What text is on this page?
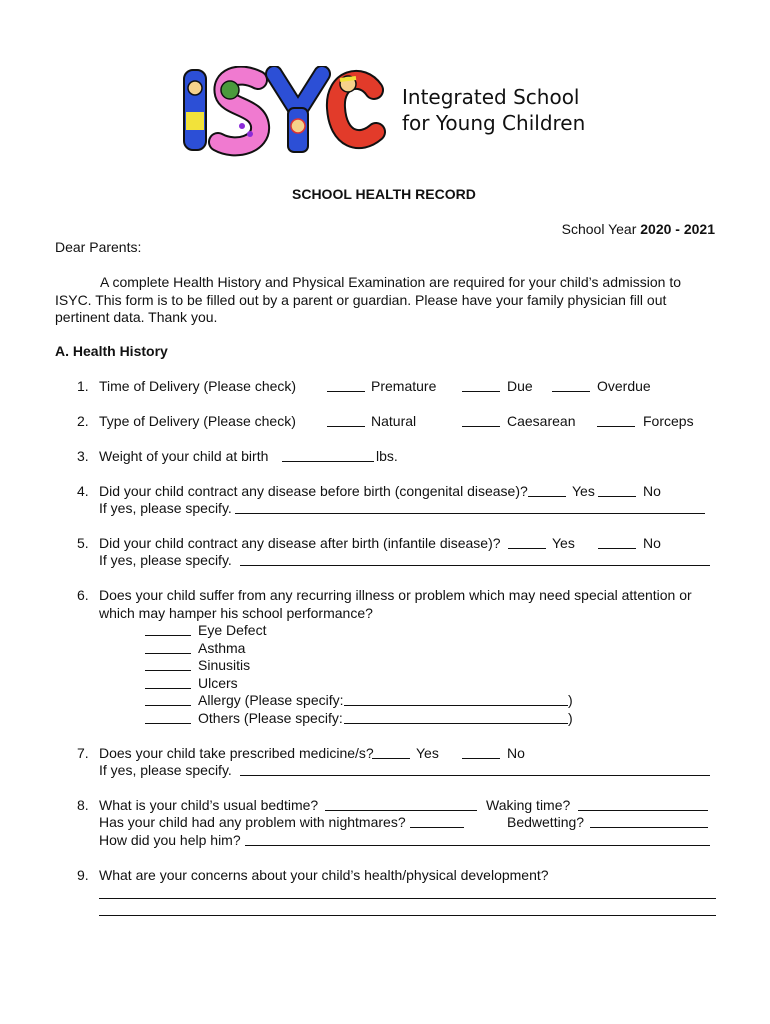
Integrated School
for Young Children
SCHOOL HEALTH RECORD
School Year 2020 - 2021
Dear Parents:
A complete Health History and Physical Examination are required for your child’s admission to ISYC. This form is to be filled out by a parent or guardian. Please have your family physician fill out pertinent data. Thank you.
A. Health History
1. Time of Delivery (Please check)	Premature	Due	Overdue
2. Type of Delivery (Please check)	Natural	Caesarean	Forceps
3. Weight of your child at birth	lbs.
4. Did your child contract any disease before birth (congenital disease)?	Yes	No
If yes, please specify.
5. Did your child contract any disease after birth (infantile disease)?	Yes	No
If yes, please specify.
6. Does your child suffer from any recurring illness or problem which may need special attention or
which may hamper his school performance?
Eye Defect
Asthma
Sinusitis
Ulcers
Allergy (Please specify:	)
Others (Please specify:	)
7. Does your child take prescribed medicine/s?	Yes	No
If yes, please specify.
8. What is your child’s usual bedtime?	Waking time?
Has your child had any problem with nightmares?	Bedwetting?
How did you help him?
9. What are your concerns about your child’s health/physical development?
